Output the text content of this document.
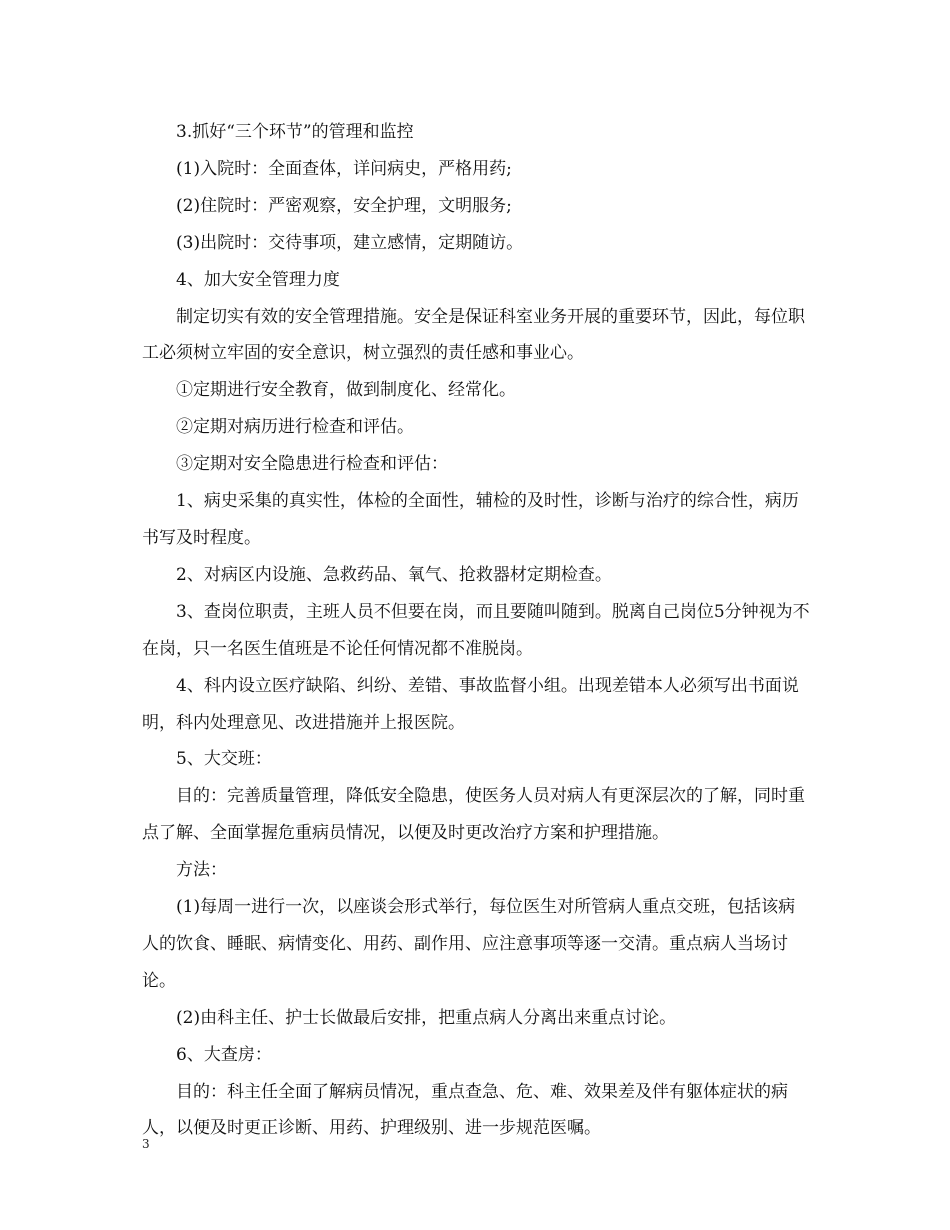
3.抓好“三个环节”的管理和监控

(1)入院时：全面查体，详问病史，严格用药;

(2)住院时：严密观察，安全护理，文明服务;

(3)出院时：交待事项，建立感情，定期随访。

4、加大安全管理力度

制定切实有效的安全管理措施。安全是保证科室业务开展的重要环节，因此，每位职工必须树立牢固的安全意识，树立强烈的责任感和事业心。

①定期进行安全教育，做到制度化、经常化。

②定期对病历进行检查和评估。

③定期对安全隐患进行检查和评估：

1、病史采集的真实性，体检的全面性，辅检的及时性，诊断与治疗的综合性，病历书写及时程度。

2、对病区内设施、急救药品、氧气、抢救器材定期检查。

3、查岗位职责，主班人员不但要在岗，而且要随叫随到。脱离自己岗位5分钟视为不在岗，只一名医生值班是不论任何情况都不准脱岗。

4、科内设立医疗缺陷、纠纷、差错、事故监督小组。出现差错本人必须写出书面说明，科内处理意见、改进措施并上报医院。

5、大交班：

目的：完善质量管理，降低安全隐患，使医务人员对病人有更深层次的了解，同时重点了解、全面掌握危重病员情况，以便及时更改治疗方案和护理措施。

方法：

(1)每周一进行一次，以座谈会形式举行，每位医生对所管病人重点交班，包括该病人的饮食、睡眠、病情变化、用药、副作用、应注意事项等逐一交清。重点病人当场讨论。

(2)由科主任、护士长做最后安排，把重点病人分离出来重点讨论。

6、大查房：

目的：科主任全面了解病员情况，重点查急、危、难、效果差及伴有躯体症状的病人，以便及时更正诊断、用药、护理级别、进一步规范医嘱。

3
